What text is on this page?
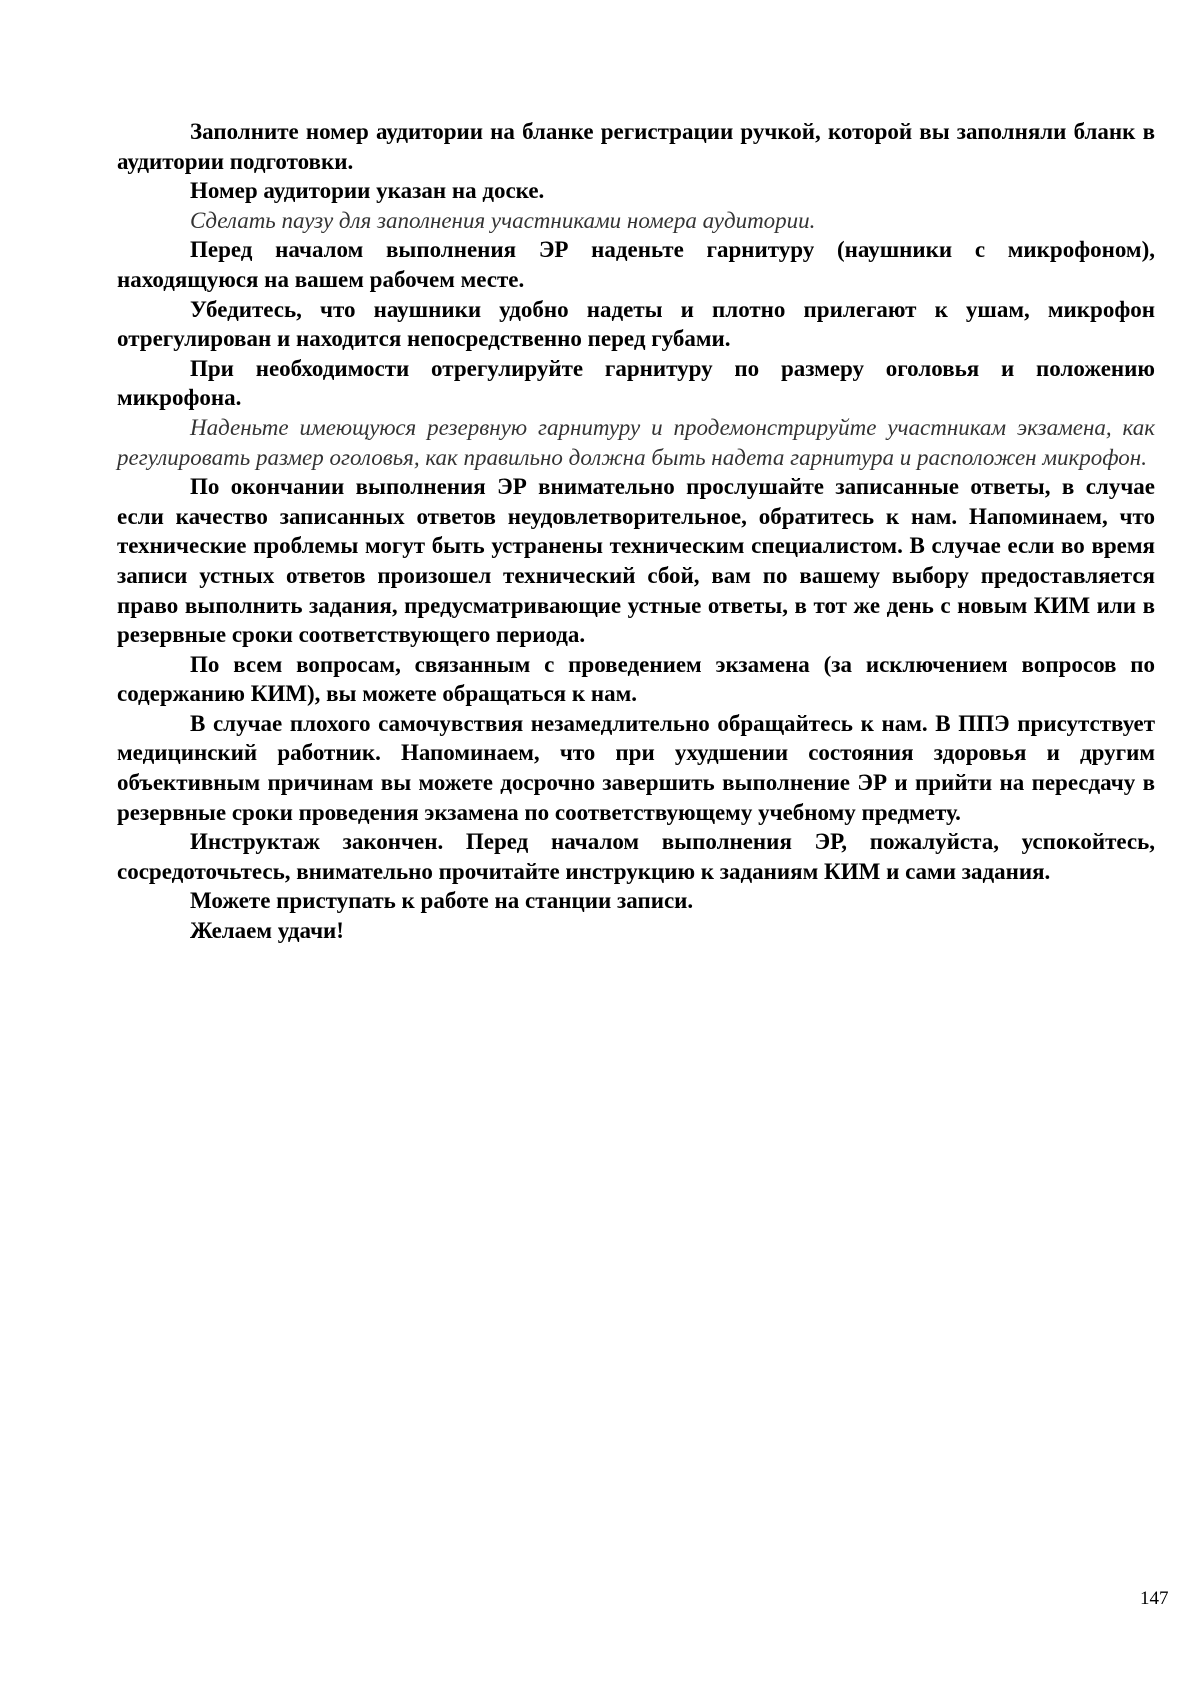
Заполните номер аудитории на бланке регистрации ручкой, которой вы заполняли бланк в аудитории подготовки.

Номер аудитории указан на доске.

Сделать паузу для заполнения участниками номера аудитории.

Перед началом выполнения ЭР наденьте гарнитуру (наушники с микрофоном), находящуюся на вашем рабочем месте.

Убедитесь, что наушники удобно надеты и плотно прилегают к ушам, микрофон отрегулирован и находится непосредственно перед губами.

При необходимости отрегулируйте гарнитуру по размеру оголовья и положению микрофона.

Наденьте имеющуюся резервную гарнитуру и продемонстрируйте участникам экзамена, как регулировать размер оголовья, как правильно должна быть надета гарнитура и расположен микрофон.

По окончании выполнения ЭР внимательно прослушайте записанные ответы, в случае если качество записанных ответов неудовлетворительное, обратитесь к нам. Напоминаем, что технические проблемы могут быть устранены техническим специалистом. В случае если во время записи устных ответов произошел технический сбой, вам по вашему выбору предоставляется право выполнить задания, предусматривающие устные ответы, в тот же день с новым КИМ или в резервные сроки соответствующего периода.

По всем вопросам, связанным с проведением экзамена (за исключением вопросов по содержанию КИМ), вы можете обращаться к нам.

В случае плохого самочувствия незамедлительно обращайтесь к нам. В ППЭ присутствует медицинский работник. Напоминаем, что при ухудшении состояния здоровья и другим объективным причинам вы можете досрочно завершить выполнение ЭР и прийти на пересдачу в резервные сроки проведения экзамена по соответствующему учебному предмету.

Инструктаж закончен. Перед началом выполнения ЭР, пожалуйста, успокойтесь, сосредоточьтесь, внимательно прочитайте инструкцию к заданиям КИМ и сами задания.

Можете приступать к работе на станции записи.

Желаем удачи!

147
